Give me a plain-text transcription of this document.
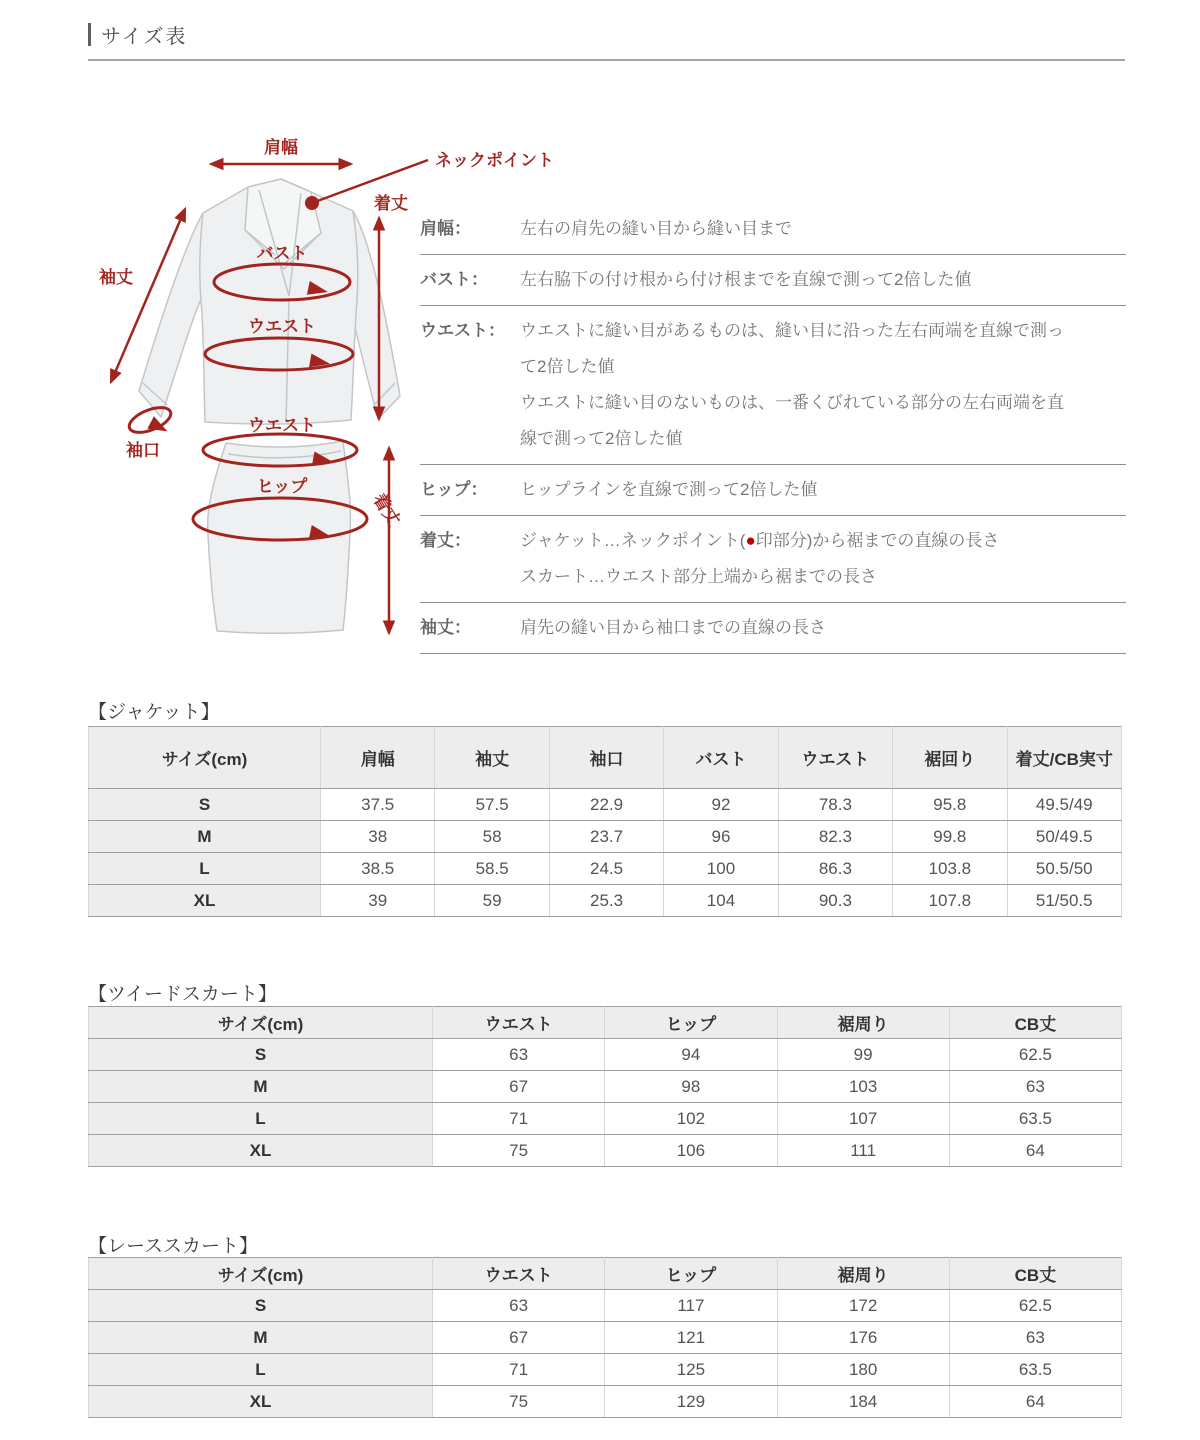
サイズ表
肩幅
ネックポイント
着丈
袖丈
バスト
ウエスト
袖口
ウエスト
ヒップ
着丈
肩幅：	左右の肩先の縫い目から縫い目まで
バスト：	左右脇下の付け根から付け根までを直線で測って2倍した値
ウエスト： ウエストに縫い目があるものは、縫い目に沿った左右両端を直線で測って2倍した値
ウエストに縫い目のないものは、一番くびれている部分の左右両端を直線で測って2倍した値
ヒップ：	ヒップラインを直線で測って2倍した値
着丈：	ジャケット…ネックポイント(●印部分)から裾までの直線の長さ
スカート…ウエスト部分上端から裾までの長さ
袖丈：	肩先の縫い目から袖口までの直線の長さ
【ジャケット】
サイズ(cm)	肩幅	袖丈	袖口	バスト	ウエスト	裾回り	着丈/CB実寸
S	37.5	57.5	22.9	92	78.3	95.8	49.5/49
M	38	58	23.7	96	82.3	99.8	50/49.5
L	38.5	58.5	24.5	100	86.3	103.8	50.5/50
XL	39	59	25.3	104	90.3	107.8	51/50.5
【ツイードスカート】
サイズ(cm)	ウエスト	ヒップ	裾周り	CB丈
S	63	94	99	62.5
M	67	98	103	63
L	71	102	107	63.5
XL	75	106	111	64
【レーススカート】
サイズ(cm)	ウエスト	ヒップ	裾周り	CB丈
S	63	117	172	62.5
M	67	121	176	63
L	71	125	180	63.5
XL	75	129	184	64
